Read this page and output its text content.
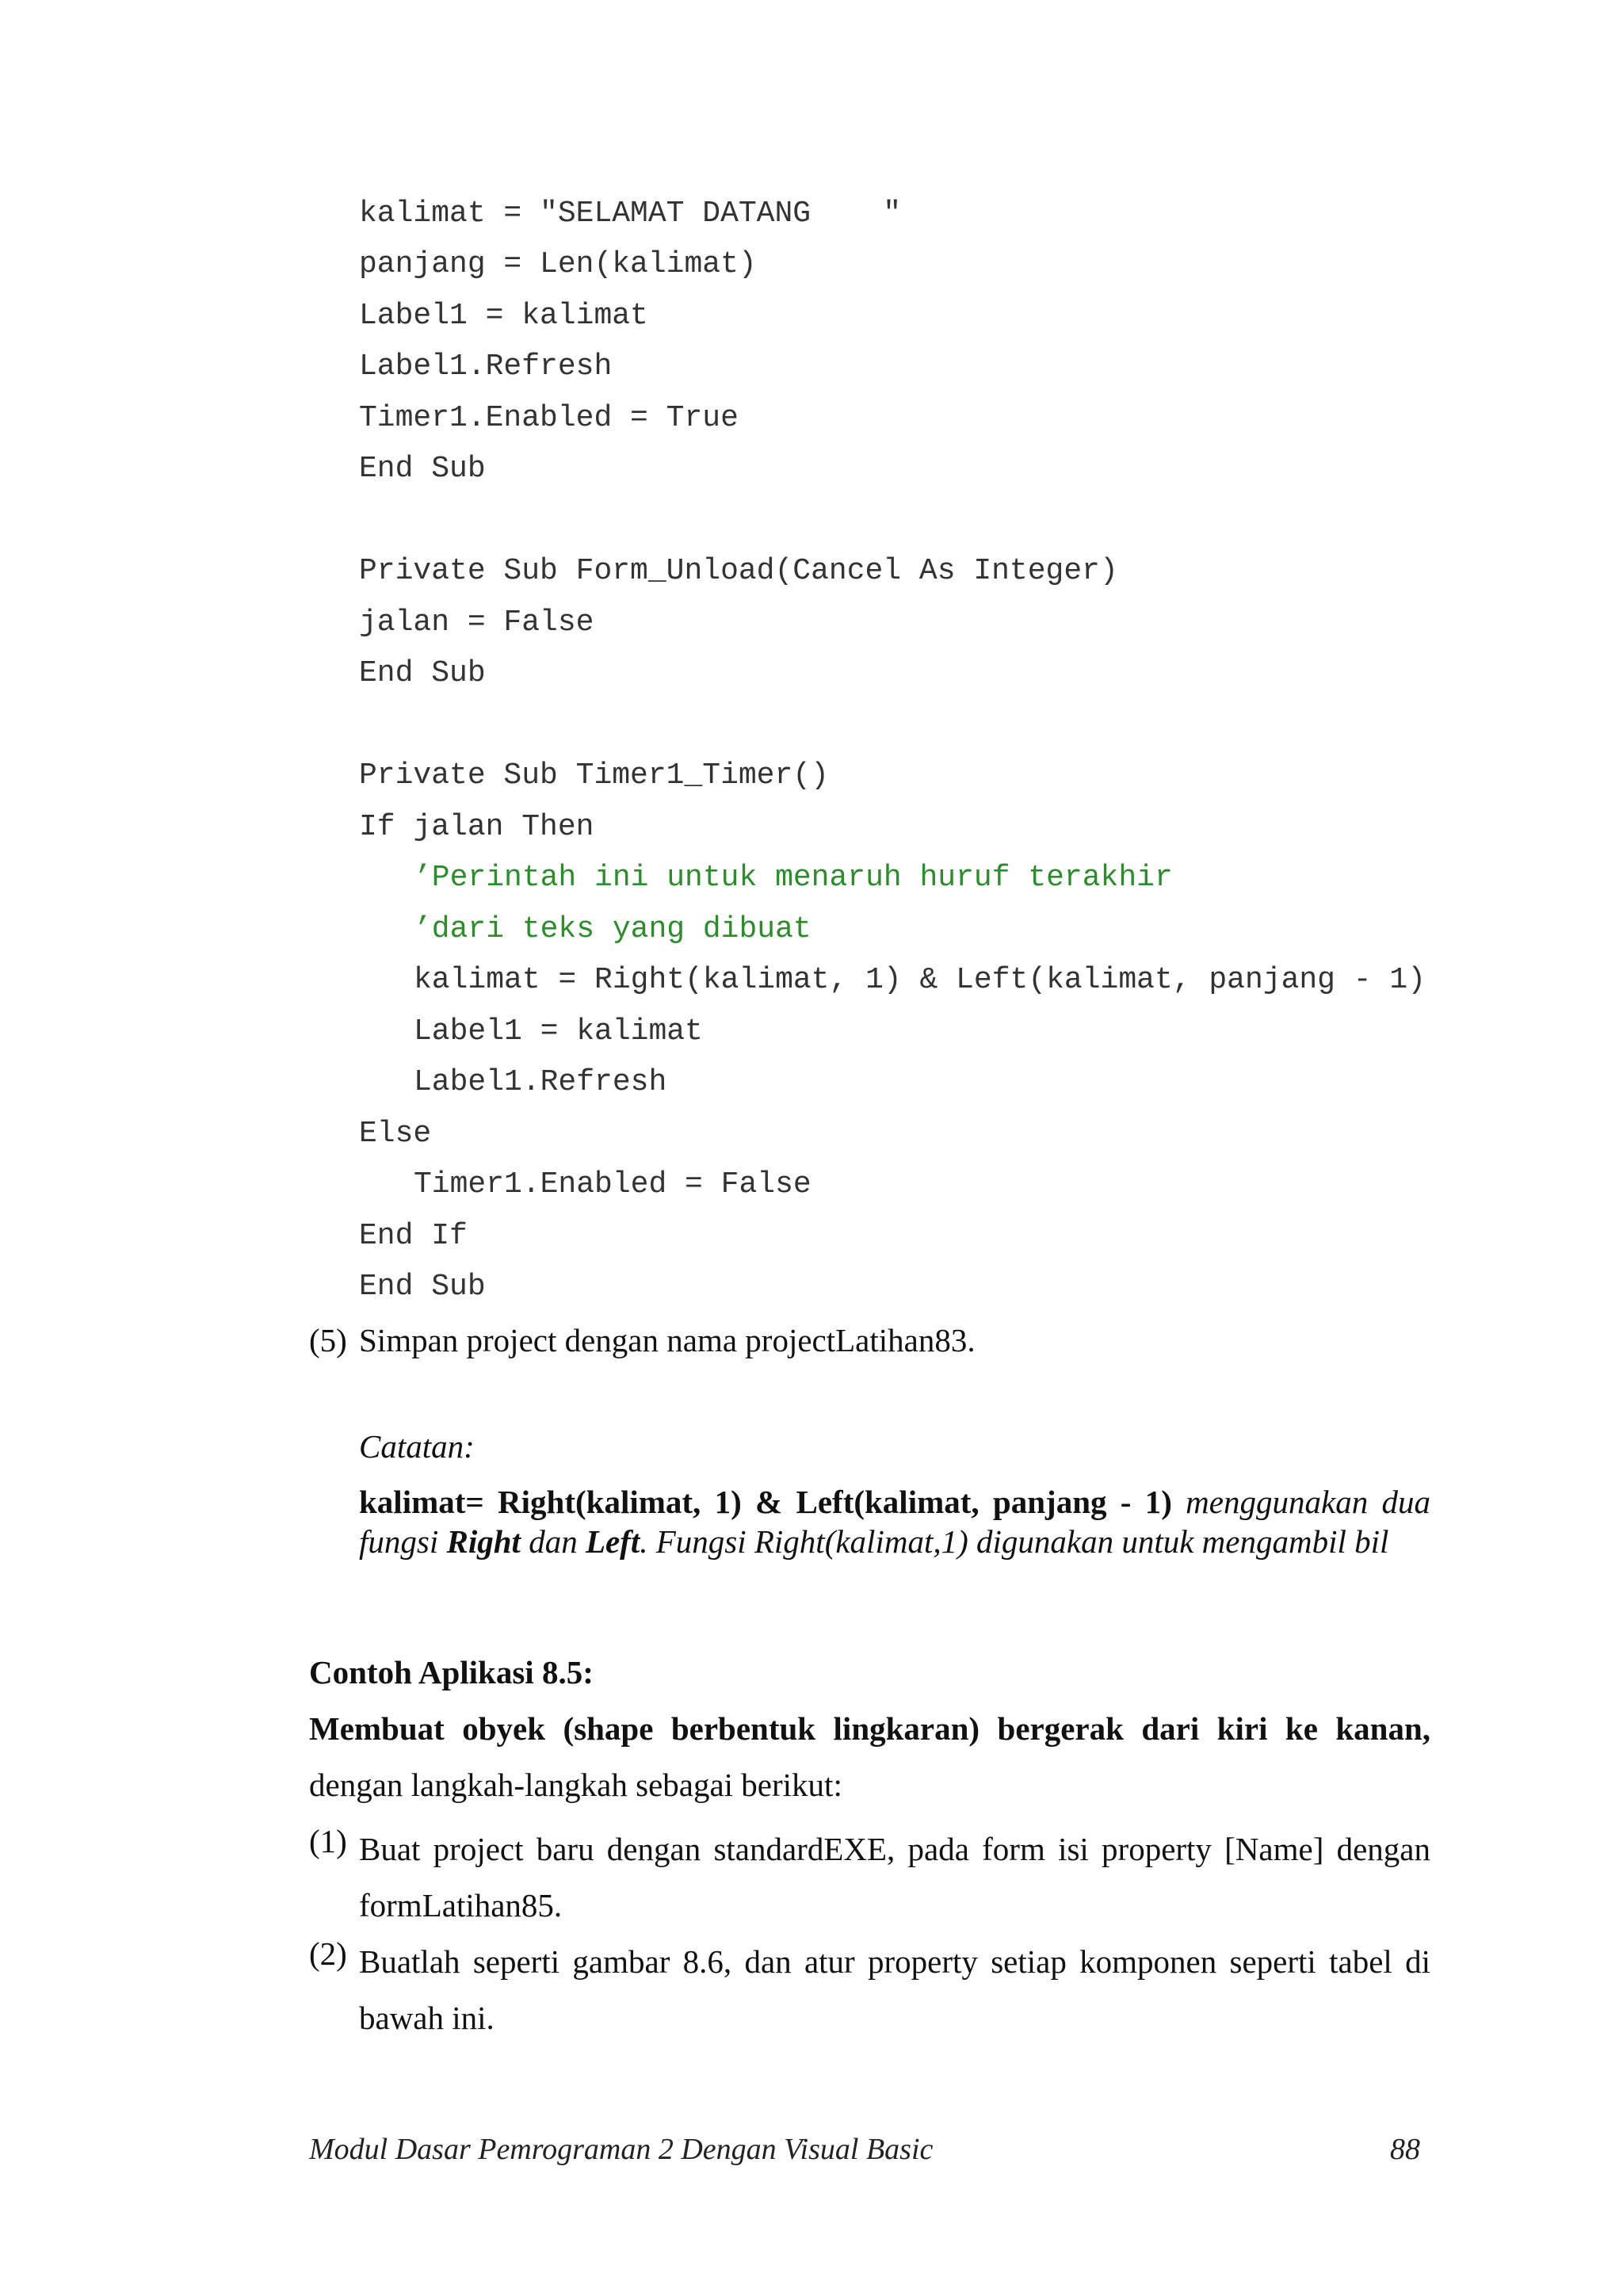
kalimat = "SELAMAT DATANG    "
panjang = Len(kalimat)
Label1 = kalimat
Label1.Refresh
Timer1.Enabled = True
End Sub
Private Sub Form_Unload(Cancel As Integer)
jalan = False
End Sub
Private Sub Timer1_Timer()
If jalan Then
’Perintah ini untuk menaruh huruf terakhir
’dari teks yang dibuat
kalimat = Right(kalimat, 1) & Left(kalimat, panjang - 1)
Label1 = kalimat
Label1.Refresh
Else
Timer1.Enabled = False
End If
End Sub
(5) Simpan project dengan nama projectLatihan83.
Catatan:
kalimat= Right(kalimat, 1) & Left(kalimat, panjang - 1) menggunakan dua fungsi Right dan Left. Fungsi Right(kalimat,1) digunakan untuk mengambil bil
Contoh Aplikasi 8.5:
Membuat obyek (shape berbentuk lingkaran) bergerak dari kiri ke kanan,
dengan langkah-langkah sebagai berikut:
(1) Buat project baru dengan standardEXE, pada form isi property [Name] dengan formLatihan85.
(2) Buatlah seperti gambar 8.6, dan atur property setiap komponen seperti tabel di bawah ini.
Modul Dasar Pemrograman 2 Dengan Visual Basic	88
